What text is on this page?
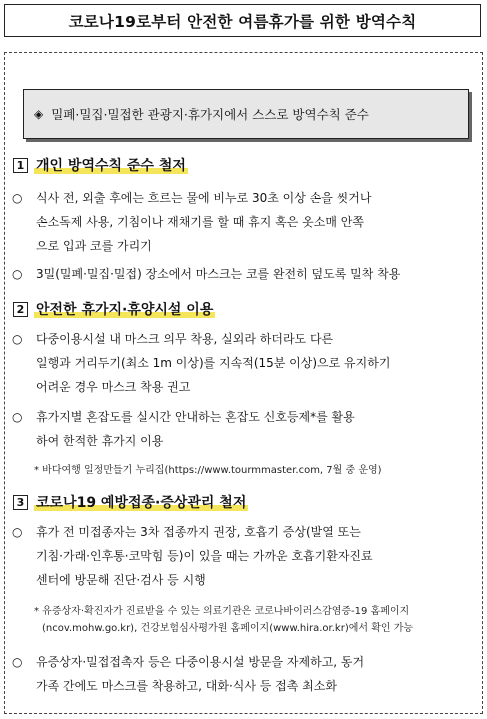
코로나19로부터 안전한 여름휴가를 위한 방역수칙
◈ 밀폐·밀집·밀접한 관광지·휴가지에서 스스로 방역수칙 준수
1 개인 방역수칙 준수 철저
○ 식사 전, 외출 후에는 흐르는 물에 비누로 30초 이상 손을 씻거나
손소독제 사용, 기침이나 재채기를 할 때 휴지 혹은 옷소매 안쪽
으로 입과 코를 가리기
○ 3밀(밀폐·밀집·밀접) 장소에서 마스크는 코를 완전히 덮도록 밀착 착용
2 안전한 휴가지·휴양시설 이용
○ 다중이용시설 내 마스크 의무 착용, 실외라 하더라도 다른
일행과 거리두기(최소 1m 이상)를 지속적(15분 이상)으로 유지하기
어려운 경우 마스크 착용 권고
○ 휴가지별 혼잡도를 실시간 안내하는 혼잡도 신호등제*를 활용
하여 한적한 휴가지 이용
* 바다여행 일정만들기 누리집(https://www.tourmmaster.com, 7월 중 운영)
3 코로나19 예방접종·증상관리 철저
○ 휴가 전 미접종자는 3차 접종까지 권장, 호흡기 증상(발열 또는
기침·가래·인후통·코막힘 등)이 있을 때는 가까운 호흡기환자진료
센터에 방문해 진단·검사 등 시행
* 유증상자·확진자가 진료받을 수 있는 의료기관은 코로나바이러스감염증-19 홈페이지
(ncov.mohw.go.kr), 건강보험심사평가원 홈페이지(www.hira.or.kr)에서 확인 가능
○ 유증상자·밀접접촉자 등은 다중이용시설 방문을 자제하고, 동거
가족 간에도 마스크를 착용하고, 대화·식사 등 접촉 최소화
